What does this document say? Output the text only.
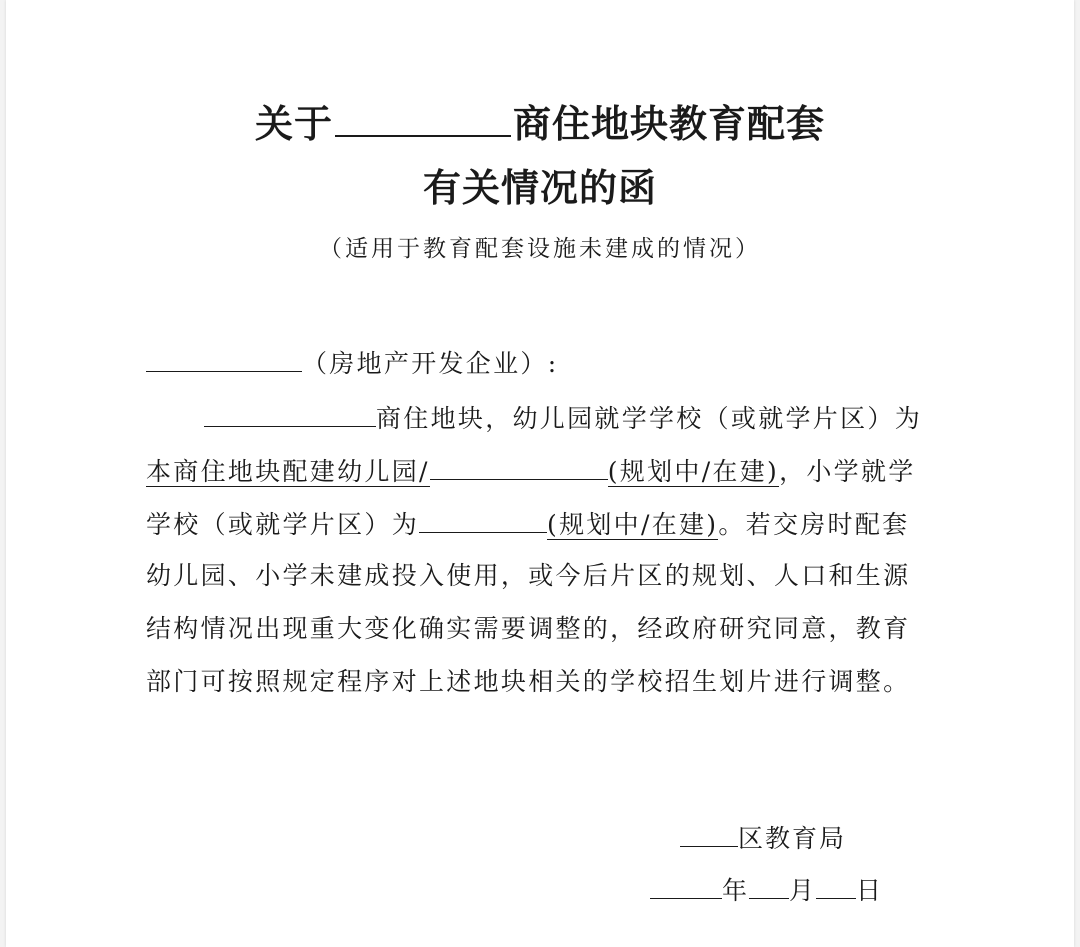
关于	商住地块教育配套
有关情况的函
（适用于教育配套设施未建成的情况）
（房地产开发企业）:
商住地块，幼儿园就学学校（或就学片区）为
本商住地块配建幼儿园/	(规划中/在建)，小学就学
学校（或就学片区）为	(规划中/在建)。若交房时配套
幼儿园、小学未建成投入使用，或今后片区的规划、人口和生源
结构情况出现重大变化确实需要调整的，经政府研究同意，教育
部门可按照规定程序对上述地块相关的学校招生划片进行调整。
区教育局
年 月 日
